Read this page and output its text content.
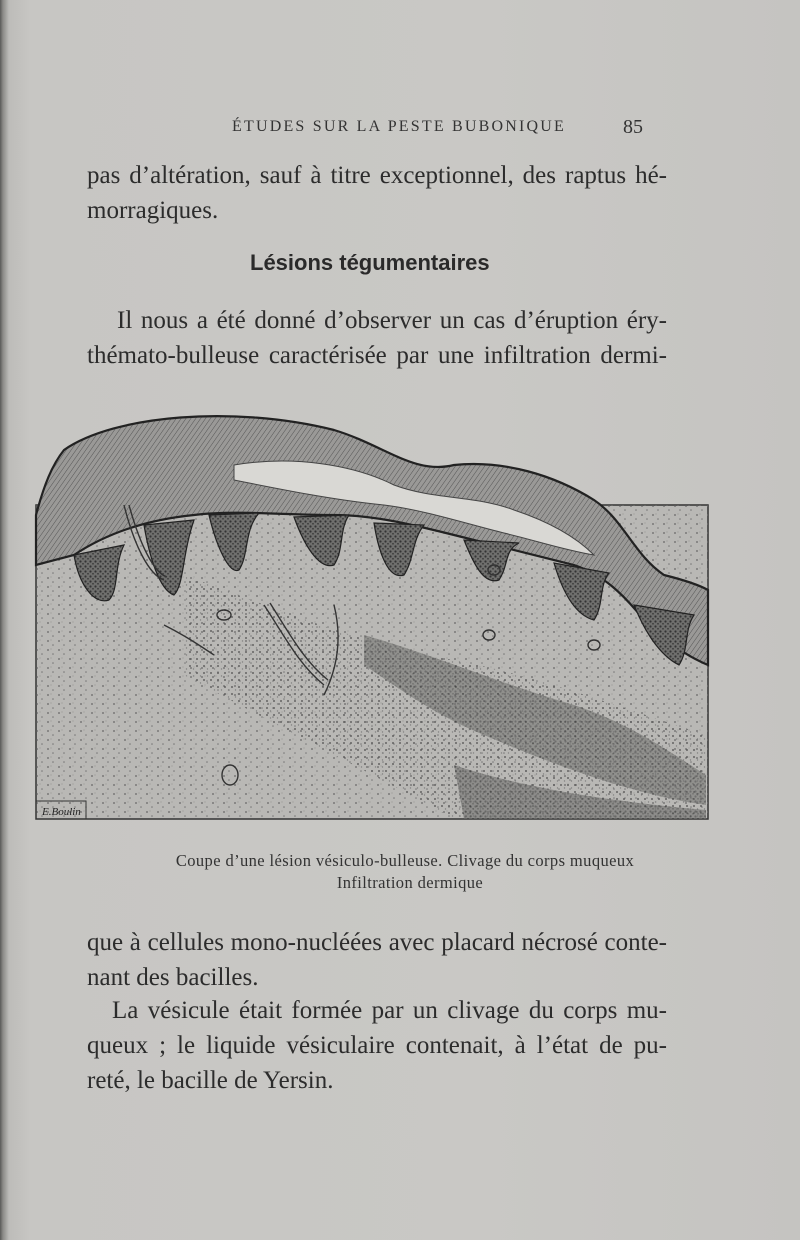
ÉTUDES SUR LA PESTE BUBONIQUE	85
pas d’altération, sauf à titre exceptionnel, des raptus hé-
morragiques.
Lésions tégumentaires
Il nous a été donné d’observer un cas d’éruption éry-
thémato-bulleuse caractérisée par une infiltration dermi-
E.Boulin
Coupe d’une lésion vésiculo-bulleuse. Clivage du corps muqueux
Infiltration dermique
que à cellules mono-nucléées avec placard nécrosé conte-
nant des bacilles.
La vésicule était formée par un clivage du corps mu-
queux ; le liquide vésiculaire contenait, à l’état de pu-
reté, le bacille de Yersin.
